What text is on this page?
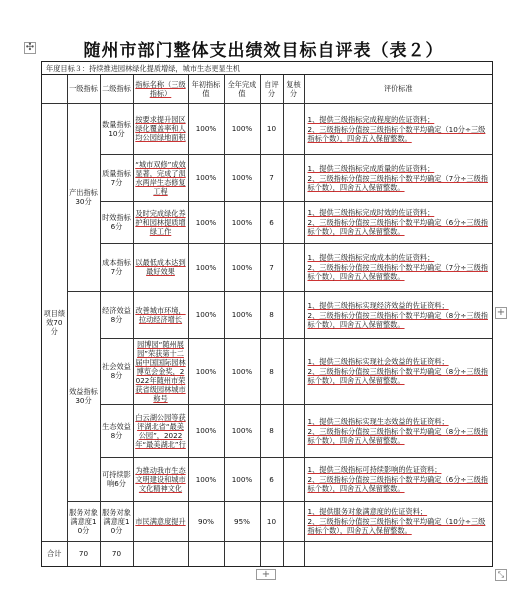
✣	随州市部门整体支出绩效目标自评表（表２）
年度目标３：持续推进园林绿化提质增绿，城市生态更显生机
	一级指标	二级指标	指标名称（三级指标）	年初指标值	全年完成值	自评分	复核分	评价标准
项目绩效70分	产出指标30分	数量指标10分	按要求提升园区绿化覆盖率和人均公园绿地面积	100%	100%	10		1、提供三级指标完成程度的佐证资料；
2、三级指标分值按三级指标个数平均确定（10分÷三级指标个数），四舍五入保留整数。

		质量指标7分	“城市双修”成效显著，完成了涢水两岸生态修复工程	100%	100%	7		1、提供三级指标完成质量的佐证资料；
2、三级指标分值按三级指标个数平均确定（7分÷三级指标个数），四舍五入保留整数。

		时效指标6分	及时完成绿化养护和园林提质增绿工作	100%	100%	6		1、提供三级指标完成时效的佐证资料；
2、三级指标分值按三级指标个数平均确定（6分÷三级指标个数），四舍五入保留整数。

		成本指标7分	以最低成本达到最好效果	100%	100%	7		1、提供三级指标完成成本的佐证资料；
2、三级指标分值按三级指标个数平均确定（7分÷三级指标个数），四舍五入保留整数。

	效益指标30分	经济效益8分	改善城市环境，拉动经济增长	100%	100%	8		1、提供三级指标实现经济效益的佐证资料；
2、三级指标分值按三级指标个数平均确定（8分÷三级指标个数），四舍五入保留整数。

		社会效益8分	园博园“随州展园”荣获第十二届中国国际园林博览会金奖，2022年随州市荣获省级园林城市称号	100%	100%	8		1、提供三级指标实现社会效益的佐证资料；
2、三级指标分值按三级指标个数平均确定（8分÷三级指标个数），四舍五入保留整数。

		生态效益8分	白云湖公园等获评湖北省“最美公园”，2022年“最美湖北”行	100%	100%	8		1、提供三级指标实现生态效益的佐证资料；
2、三级指标分值按三级指标个数平均确定（8分÷三级指标个数），四舍五入保留整数。

		可持续影响6分	为推动我市生态文明建设和城市文化精神文化	100%	100%	6		1、提供三级指标可持续影响的佐证资料；
2、三级指标分值按三级指标个数平均确定（6分÷三级指标个数），四舍五入保留整数。

	服务对象满意度10分	服务对象满意度10分	市民满意度提升	90%	95%	10		1、提供服务对象满意度的佐证资料；
2、三级指标分值按三级指标个数平均确定（10分÷三级指标个数），四舍五入保留整数。

合计	70	70						
+
+	⤡
